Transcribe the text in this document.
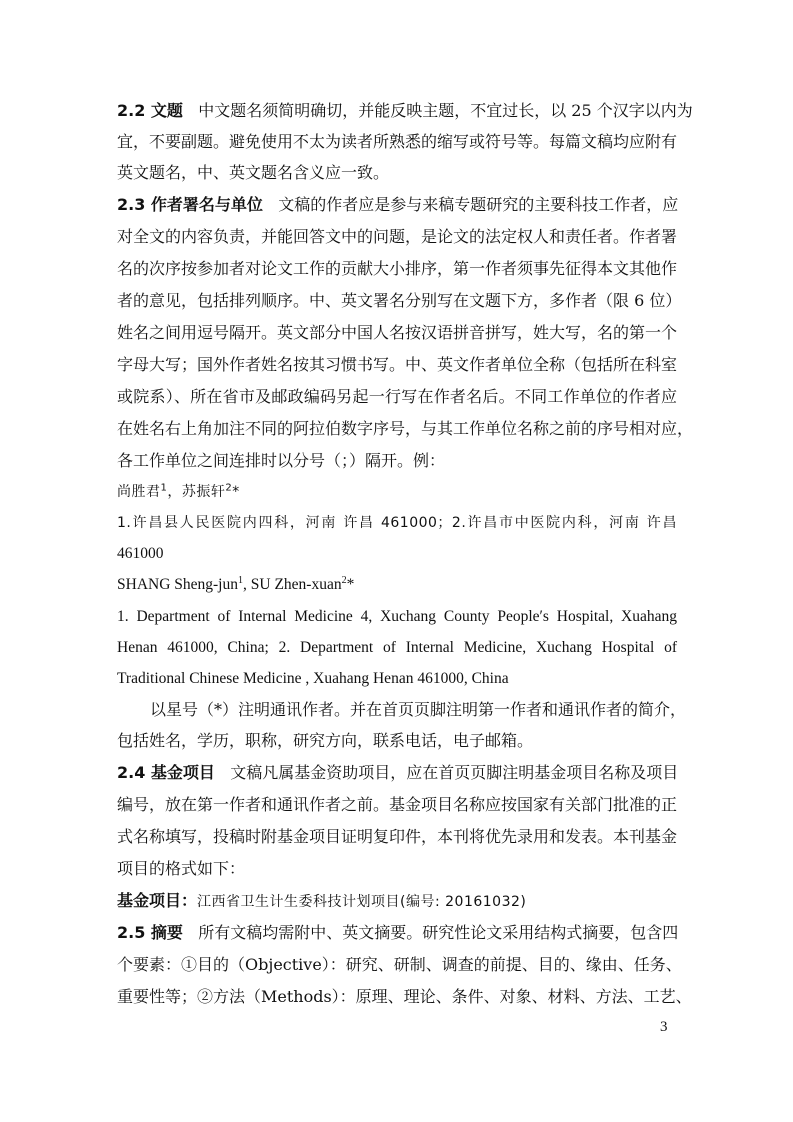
2.2 文题 中文题名须简明确切，并能反映主题，不宜过长，以 25 个汉字以内为
宜，不要副题。避免使用不太为读者所熟悉的缩写或符号等。每篇文稿均应附有
英文题名，中、英文题名含义应一致。
2.3 作者署名与单位 文稿的作者应是参与来稿专题研究的主要科技工作者，应
对全文的内容负责，并能回答文中的问题，是论文的法定权人和责任者。作者署
名的次序按参加者对论文工作的贡献大小排序，第一作者须事先征得本文其他作
者的意见，包括排列顺序。中、英文署名分别写在文题下方，多作者（限 6 位）
姓名之间用逗号隔开。英文部分中国人名按汉语拼音拼写，姓大写，名的第一个
字母大写；国外作者姓名按其习惯书写。中、英文作者单位全称（包括所在科室
或院系）、所在省市及邮政编码另起一行写在作者名后。不同工作单位的作者应
在姓名右上角加注不同的阿拉伯数字序号，与其工作单位名称之前的序号相对应，
各工作单位之间连排时以分号（；）隔开。例：
尚胜君$^1$，苏振轩$^2$*
1.许昌县人民医院内四科，河南 许昌 461000；2.许昌市中医院内科，河南 许昌
461000
SHANG Sheng-jun$^1$, SU Zhen-xuan$^2$*
1. Department of Internal Medicine 4, Xuchang County People′s Hospital, Xuahang
Henan 461000, China; 2. Department of Internal Medicine, Xuchang Hospital of
Traditional Chinese Medicine , Xuahang Henan 461000, China
以星号（*）注明通讯作者。并在首页页脚注明第一作者和通讯作者的简介，
包括姓名，学历，职称，研究方向，联系电话，电子邮箱。
2.4 基金项目 文稿凡属基金资助项目，应在首页页脚注明基金项目名称及项目
编号，放在第一作者和通讯作者之前。基金项目名称应按国家有关部门批准的正
式名称填写，投稿时附基金项目证明复印件，本刊将优先录用和发表。本刊基金
项目的格式如下：
基金项目：江西省卫生计生委科技计划项目(编号: 20161032)
2.5 摘要 所有文稿均需附中、英文摘要。研究性论文采用结构式摘要，包含四
个要素：①目的（Objective）：研究、研制、调查的前提、目的、缘由、任务、
重要性等；②方法（Methods）：原理、理论、条件、对象、材料、方法、工艺、
3
